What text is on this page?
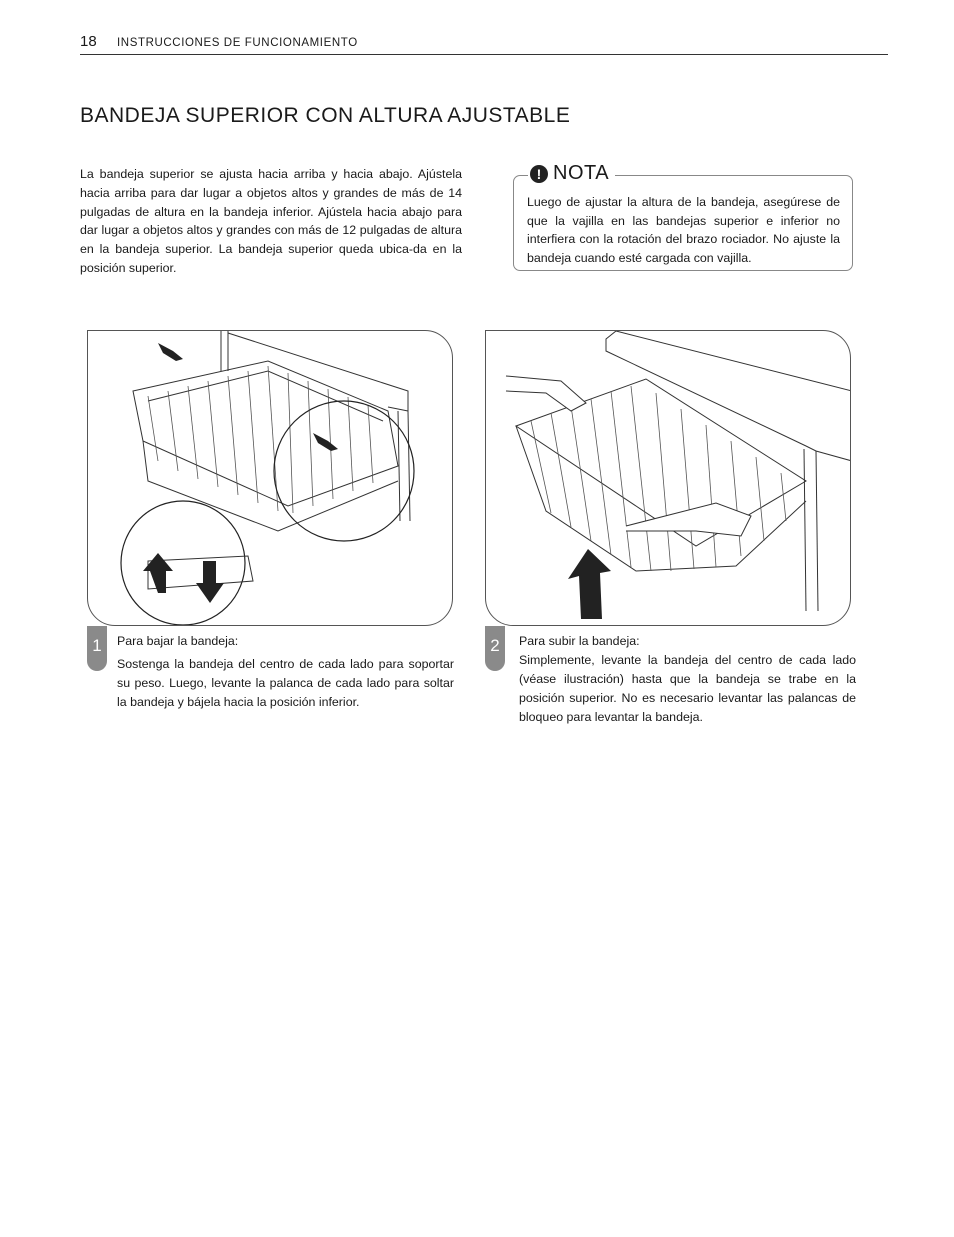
18 INSTRUCCIONES DE FUNCIONAMIENTO
BANDEJA SUPERIOR CON ALTURA AJUSTABLE
La bandeja superior se ajusta hacia arriba y hacia abajo. Ajústela hacia arriba para dar lugar a objetos altos y grandes de más de 14 pulgadas de altura en la bandeja inferior. Ajústela hacia abajo para dar lugar a objetos altos y grandes con más de 12 pulgadas de altura en la bandeja superior. La bandeja superior queda ubica-da en la posición superior.
! NOTA
Luego de ajustar la altura de la bandeja, asegúrese de que la vajilla en las bandejas superior e inferior no interfiera con la rotación del brazo rociador. No ajuste la bandeja cuando esté cargada con vajilla.
1	Para bajar la bandeja:
Sostenga la bandeja del centro de cada lado para soportar su peso. Luego, levante la palanca de cada lado para soltar la bandeja y bájela hacia la posición inferior.
2	Para subir la bandeja:
Simplemente, levante la bandeja del centro de cada lado (véase ilustración) hasta que la bandeja se trabe en la posición superior. No es necesario levantar las palancas de bloqueo para levantar la bandeja.
